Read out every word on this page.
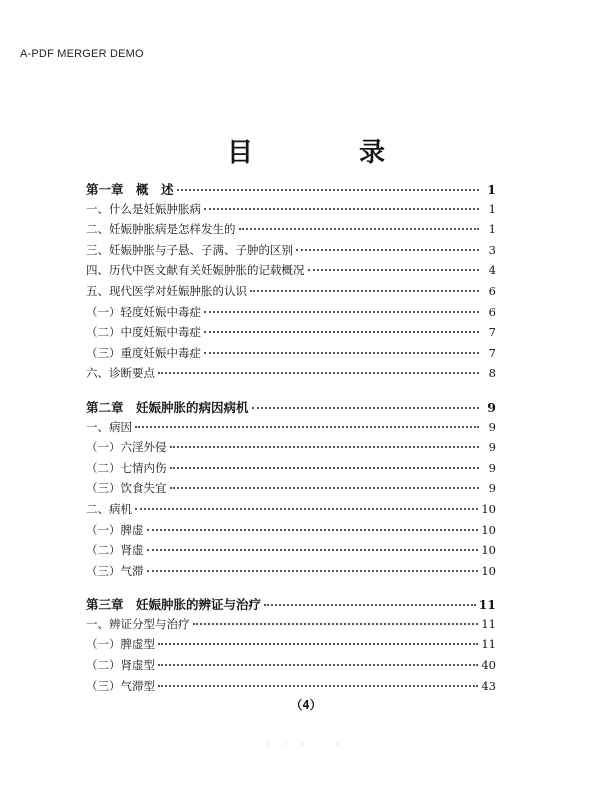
A-PDF MERGER DEMO
目　录
第一章　概　述	1
一、什么是妊娠肿胀病	1
二、妊娠肿胀病是怎样发生的	1
三、妊娠肿胀与子悬、子满、子肿的区别	3
四、历代中医文献有关妊娠肿胀的记载概况	4
五、现代医学对妊娠肿胀的认识	6
（一）轻度妊娠中毒症	6
（二）中度妊娠中毒症	7
（三）重度妊娠中毒症	7
六、诊断要点	8
第二章　妊娠肿胀的病因病机	9
一、病因	9
（一）六淫外侵	9
（二）七情内伤	9
（三）饮食失宜	9
二、病机	10
（一）脾虚	10
（二）肾虚	10
（三）气滞	10
第三章　妊娠肿胀的辨证与治疗	11
一、辨证分型与治疗	11
（一）脾虚型	11
（二）肾虚型	40
（三）气滞型	43
（4）
· · · · ·
